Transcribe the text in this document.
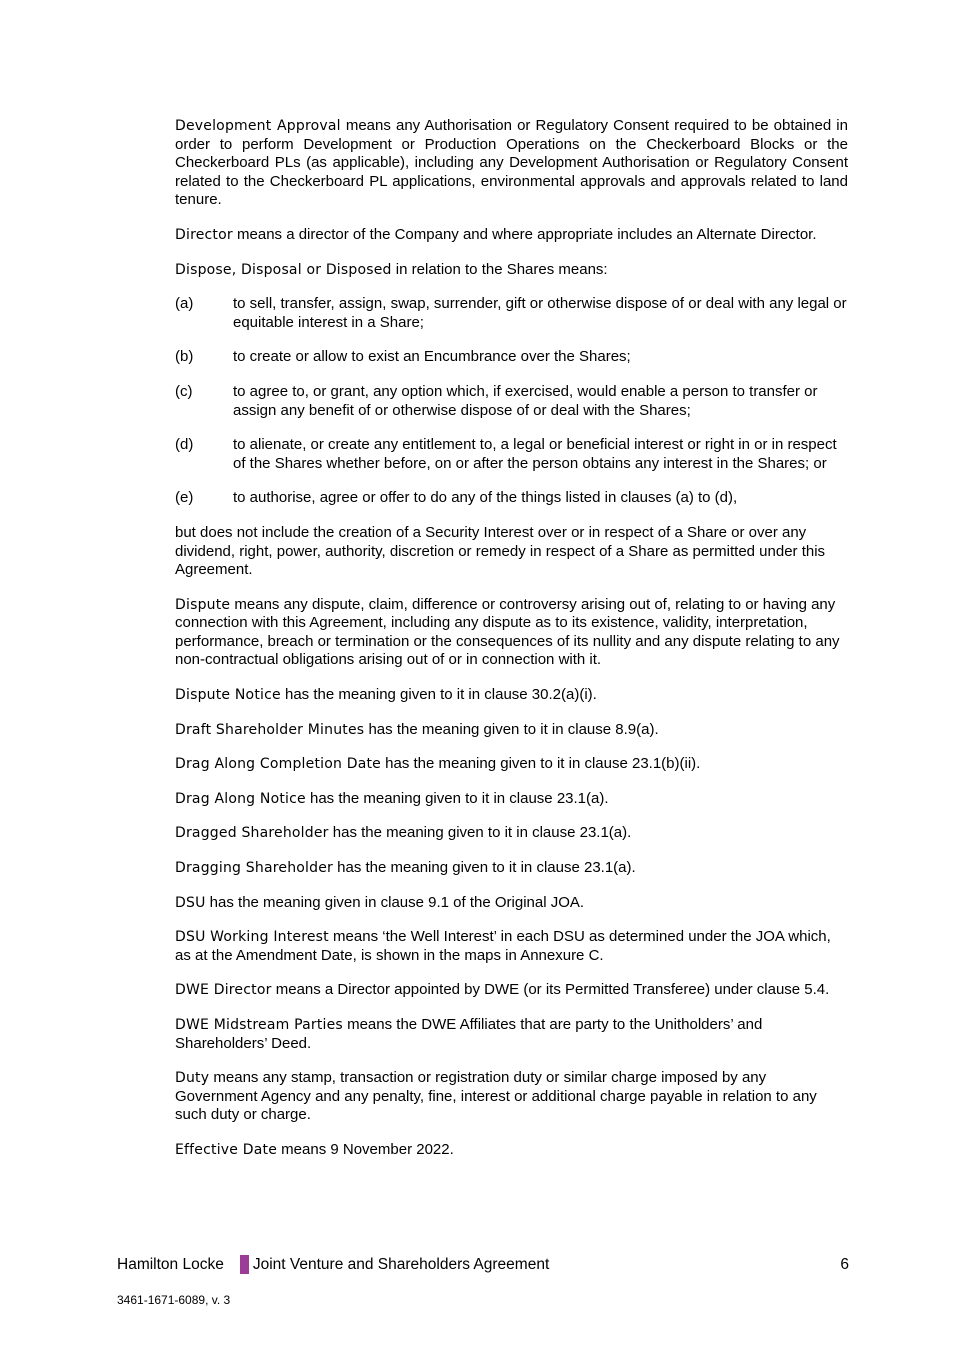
Development Approval means any Authorisation or Regulatory Consent required to be obtained in order to perform Development or Production Operations on the Checkerboard Blocks or the Checkerboard PLs (as applicable), including any Development Authorisation or Regulatory Consent related to the Checkerboard PL applications, environmental approvals and approvals related to land tenure.

Director means a director of the Company and where appropriate includes an Alternate Director.

Dispose, Disposal or Disposed in relation to the Shares means:

(a)	to sell, transfer, assign, swap, surrender, gift or otherwise dispose of or deal with any legal or equitable interest in a Share;
(b)	to create or allow to exist an Encumbrance over the Shares;
(c)	to agree to, or grant, any option which, if exercised, would enable a person to transfer or assign any benefit of or otherwise dispose of or deal with the Shares;
(d)	to alienate, or create any entitlement to, a legal or beneficial interest or right in or in respect of the Shares whether before, on or after the person obtains any interest in the Shares; or
(e)	to authorise, agree or offer to do any of the things listed in clauses (a) to (d),

but does not include the creation of a Security Interest over or in respect of a Share or over any dividend, right, power, authority, discretion or remedy in respect of a Share as permitted under this Agreement.

Dispute means any dispute, claim, difference or controversy arising out of, relating to or having any connection with this Agreement, including any dispute as to its existence, validity, interpretation, performance, breach or termination or the consequences of its nullity and any dispute relating to any non-contractual obligations arising out of or in connection with it.

Dispute Notice has the meaning given to it in clause 30.2(a)(i).

Draft Shareholder Minutes has the meaning given to it in clause 8.9(a).

Drag Along Completion Date has the meaning given to it in clause 23.1(b)(ii).

Drag Along Notice has the meaning given to it in clause 23.1(a).

Dragged Shareholder has the meaning given to it in clause 23.1(a).

Dragging Shareholder has the meaning given to it in clause 23.1(a).

DSU has the meaning given in clause 9.1 of the Original JOA.

DSU Working Interest means ‘the Well Interest’ in each DSU as determined under the JOA which, as at the Amendment Date, is shown in the maps in Annexure C.

DWE Director means a Director appointed by DWE (or its Permitted Transferee) under clause 5.4.

DWE Midstream Parties means the DWE Affiliates that are party to the Unitholders’ and Shareholders’ Deed.

Duty means any stamp, transaction or registration duty or similar charge imposed by any Government Agency and any penalty, fine, interest or additional charge payable in relation to any such duty or charge.

Effective Date means 9 November 2022.

Hamilton Locke Joint Venture and Shareholders Agreement	6
3461-1671-6089, v. 3
